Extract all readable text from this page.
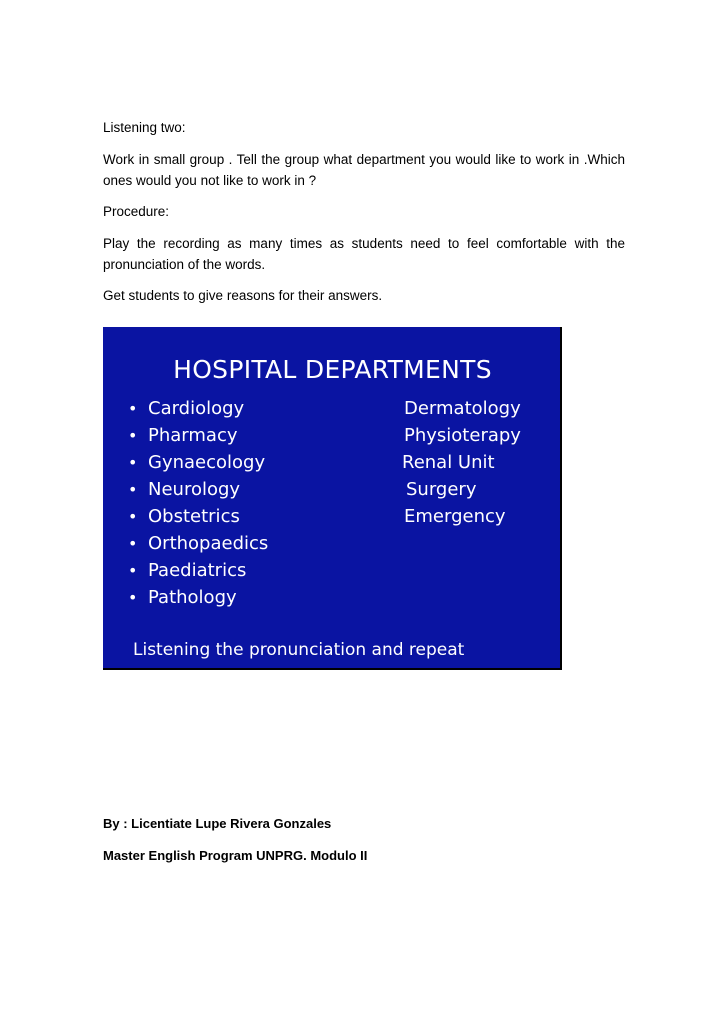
Listening two:

Work in small group . Tell the group what department you would like to work in .Which ones would you not like to work in ?

Procedure:

Play the recording as many times as students need to feel comfortable with the pronunciation of the words.

Get students to give reasons for their answers.

HOSPITAL DEPARTMENTS
• Cardiology
• Pharmacy
• Gynaecology
• Neurology
• Obstetrics
• Orthopaedics
• Paediatrics
• Pathology
Dermatology
Physioterapy
Renal Unit
Surgery
Emergency

Listening the pronunciation and repeat

By : Licentiate Lupe Rivera Gonzales

Master English Program UNPRG. Modulo II
